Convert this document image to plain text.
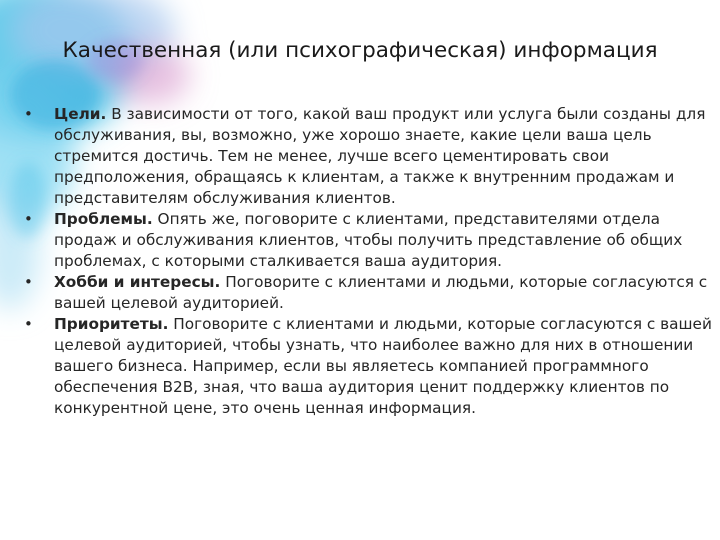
Качественная (или психографическая) информация
•	Цели. В зависимости от того, какой ваш продукт или услуга были созданы для обслуживания, вы, возможно, уже хорошо знаете, какие цели ваша цель стремится достичь. Тем не менее, лучше всего цементировать свои предположения, обращаясь к клиентам, а также к внутренним продажам и представителям обслуживания клиентов.
•	Проблемы. Опять же, поговорите с клиентами, представителями отдела продаж и обслуживания клиентов, чтобы получить представление об общих проблемах, с которыми сталкивается ваша аудитория.
•	Хобби и интересы. Поговорите с клиентами и людьми, которые согласуются с вашей целевой аудиторией.
•	Приоритеты. Поговорите с клиентами и людьми, которые согласуются с вашей целевой аудиторией, чтобы узнать, что наиболее важно для них в отношении вашего бизнеса. Например, если вы являетесь компанией программного обеспечения B2B, зная, что ваша аудитория ценит поддержку клиентов по конкурентной цене, это очень ценная информация.
